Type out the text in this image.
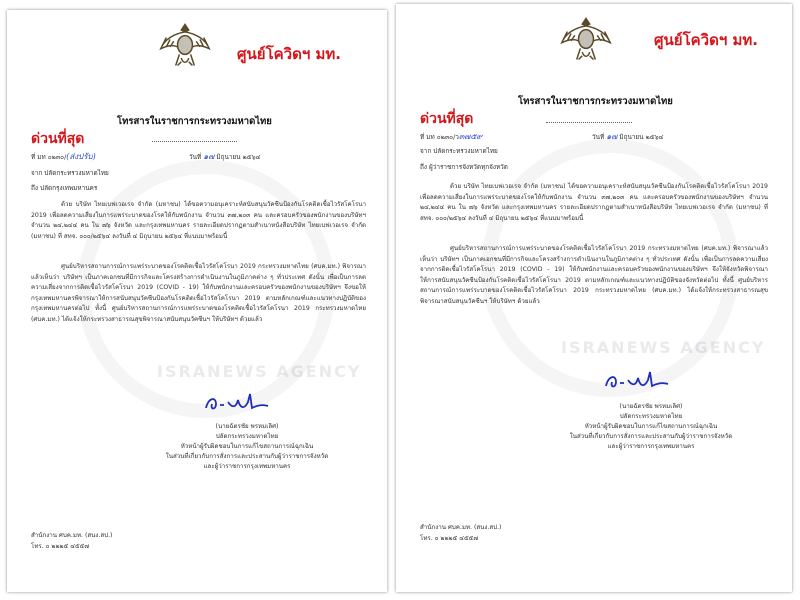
ISRANEWS AGENCY
ศูนย์โควิดฯ มท.
โทรสารในราชการกระทรวงมหาดไทย
ด่วนที่สุด
ที่ มท ๐๒๓๐/(ส่งปรับ)	วันที่ ๑๗ มิถุนายน ๒๕๖๔
จาก ปลัดกระทรวงมหาดไทย
ถึง ปลัดกรุงเทพมหานคร
ด้วย บริษัท ไทยเบฟเวอเรจ จำกัด (มหาชน) ได้ขอความอนุเคราะห์สนับสนุนวัคซีนป้องกันโรคติดเชื้อไวรัสโคโรนา 2019 เพื่อลดความเสี่ยงในการแพร่ระบาดของโรคให้กับพนักงาน จำนวน ๓๗,๒๐๓ คน และครอบครัวของพนักงานของบริษัทฯ จำนวน ๒๔,๒๔๔ คน ใน ๗๖ จังหวัด และกรุงเทพมหานคร รายละเอียดปรากฏตามสำเนาหนังสือบริษัท ไทยเบฟเวอเรจ จำกัด (มหาชน) ที่ สทจ. ๐๐๐/๒๕๖๔ ลงวันที่ ๔ มิถุนายน ๒๕๖๔ ที่แนบมาพร้อมนี้
ศูนย์บริหารสถานการณ์การแพร่ระบาดของโรคติดเชื้อไวรัสโคโรนา 2019 กระทรวงมหาดไทย (ศบค.มท.) พิจารณาแล้วเห็นว่า บริษัทฯ เป็นภาคเอกชนที่มีการกิจและโครงสร้างการดำเนินงานในภูมิภาคต่าง ๆ ทั่วประเทศ ดังนั้น เพื่อเป็นการลดความเสี่ยงจากการติดเชื้อไวรัสโคโรนา 2019 (COVID - 19) ให้กับพนักงานและครอบครัวของพนักงานของบริษัทฯ จึงขอให้กรุงเทพมหานครพิจารณาให้การสนับสนุนวัคซีนป้องกันโรคติดเชื้อไวรัสโคโรนา 2019 ตามหลักเกณฑ์และแนวทางปฏิบัติของกรุงเทพมหานครต่อไป ทั้งนี้ ศูนย์บริหารสถานการณ์การแพร่ระบาดของโรคติดเชื้อไวรัสโคโรนา 2019 กระทรวงมหาดไทย (ศบค.มท.) ได้แจ้งให้กระทรวงสาธารณสุขพิจารณาสนับสนุนวัคซีนฯ ให้บริษัทฯ ด้วยแล้ว
(นายฉัตรชัย พรหมเลิศ)
ปลัดกระทรวงมหาดไทย
หัวหน้าผู้รับผิดชอบในการแก้ไขสถานการณ์ฉุกเฉิน
ในส่วนที่เกี่ยวกับการสั่งการและประสานกับผู้ว่าราชการจังหวัด
และผู้ว่าราชการกรุงเทพมหานคร
สำนักงาน ศบค.มท. (สนง.สป.)
โทร. ๐ ๒๒๒๕ ๔๕๕๗
ISRANEWS AGENCY
ศูนย์โควิดฯ มท.
โทรสารในราชการกระทรวงมหาดไทย
ด่วนที่สุด
ที่ มท ๐๒๓๐/ว๓๗๕๙	วันที่ ๑๗ มิถุนายน ๒๕๖๔
จาก ปลัดกระทรวงมหาดไทย
ถึง ผู้ว่าราชการจังหวัดทุกจังหวัด
ด้วย บริษัท ไทยเบฟเวอเรจ จำกัด (มหาชน) ได้ขอความอนุเคราะห์สนับสนุนวัคซีนป้องกันโรคติดเชื้อไวรัสโคโรนา 2019 เพื่อลดความเสี่ยงในการแพร่ระบาดของโรคให้กับพนักงาน จำนวน ๓๗,๒๐๓ คน และครอบครัวของพนักงานของบริษัทฯ จำนวน ๒๔,๒๔๔ คน ใน ๗๖ จังหวัด และกรุงเทพมหานคร รายละเอียดปรากฏตามสำเนาหนังสือบริษัท ไทยเบฟเวอเรจ จำกัด (มหาชน) ที่ สทจ. ๐๐๐/๒๕๖๔ ลงวันที่ ๔ มิถุนายน ๒๕๖๔ ที่แนบมาพร้อมนี้
ศูนย์บริหารสถานการณ์การแพร่ระบาดของโรคติดเชื้อไวรัสโคโรนา 2019 กระทรวงมหาดไทย (ศบค.มท.) พิจารณาแล้วเห็นว่า บริษัทฯ เป็นภาคเอกชนที่มีการกิจและโครงสร้างการดำเนินงานในภูมิภาคต่าง ๆ ทั่วประเทศ ดังนั้น เพื่อเป็นการลดความเสี่ยงจากการติดเชื้อไวรัสโคโรนา 2019 (COVID - 19) ให้กับพนักงานและครอบครัวของพนักงานของบริษัทฯ จึงให้จังหวัดพิจารณาให้การสนับสนุนวัคซีนป้องกันโรคติดเชื้อไวรัสโคโรนา 2019 ตามหลักเกณฑ์และแนวทางปฏิบัติของจังหวัดต่อไป ทั้งนี้ ศูนย์บริหารสถานการณ์การแพร่ระบาดของโรคติดเชื้อไวรัสโคโรนา 2019 กระทรวงมหาดไทย (ศบค.มท.) ได้แจ้งให้กระทรวงสาธารณสุขพิจารณาสนับสนุนวัคซีนฯ ให้บริษัทฯ ด้วยแล้ว
(นายฉัตรชัย พรหมเลิศ)
ปลัดกระทรวงมหาดไทย
หัวหน้าผู้รับผิดชอบในการแก้ไขสถานการณ์ฉุกเฉิน
ในส่วนที่เกี่ยวกับการสั่งการและประสานกับผู้ว่าราชการจังหวัด
และผู้ว่าราชการกรุงเทพมหานคร
สำนักงาน ศบค.มท. (สนง.สป.)
โทร. ๐ ๒๒๒๕ ๔๕๕๗
